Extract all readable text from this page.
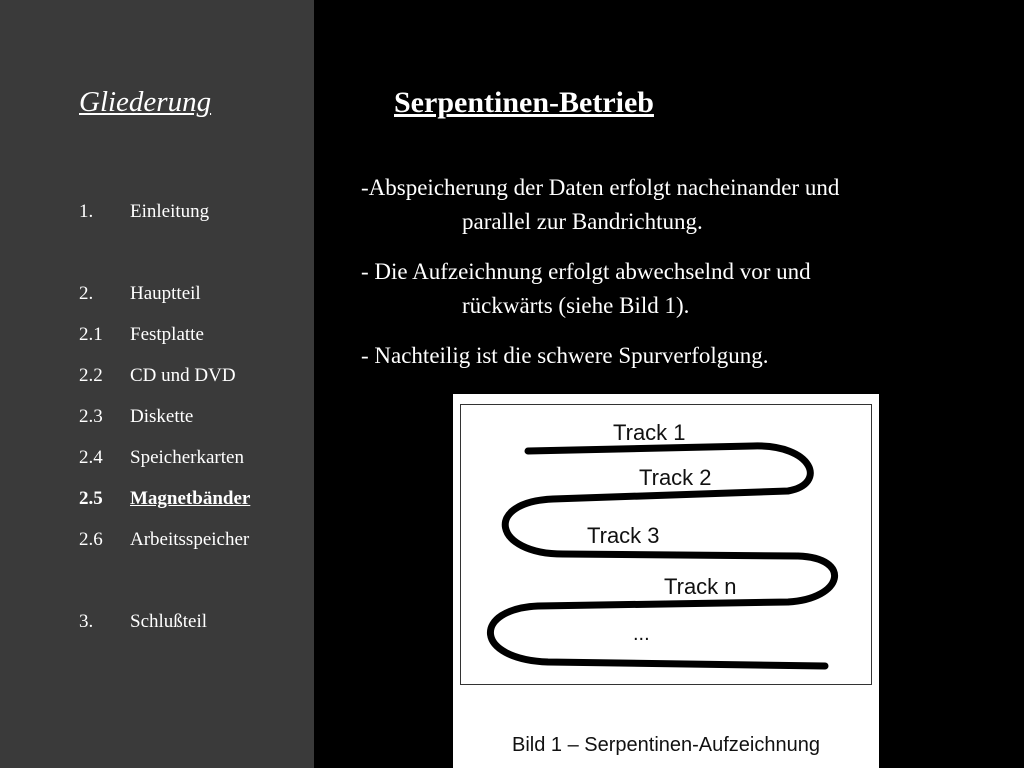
Gliederung
1.	Einleitung
2.	Hauptteil
2.1	Festplatte
2.2	CD und DVD
2.3	Diskette
2.4	Speicherkarten
2.5	Magnetbänder
2.6	Arbeitsspeicher
3.	Schlußteil
Serpentinen-Betrieb
-Abspeicherung der Daten erfolgt nacheinander und
parallel zur Bandrichtung.
- Die Aufzeichnung erfolgt abwechselnd vor und
rückwärts (siehe Bild 1).
- Nachteilig ist die schwere Spurverfolgung.
Track 1
Track 2
Track 3
Track n
...
Bild 1 – Serpentinen-Aufzeichnung
